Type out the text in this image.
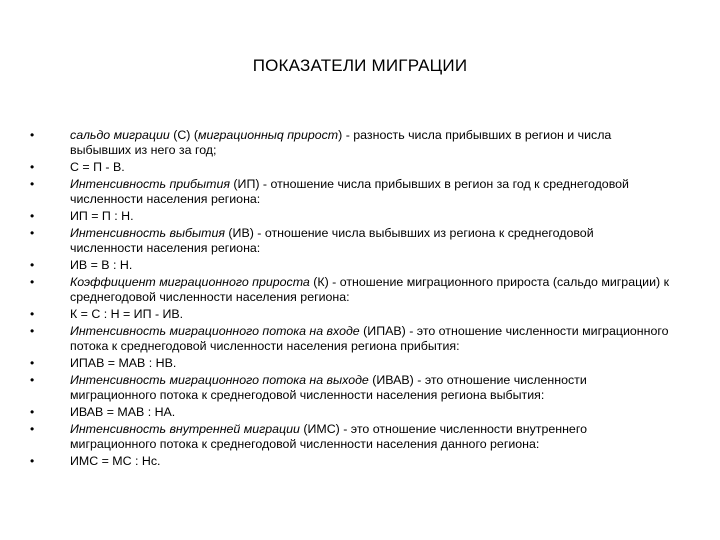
ПОКАЗАТЕЛИ МИГРАЦИИ
•	сальдо миграции (С) (миграционныq прирост) - разность числа прибывших в регион и числа выбывших из него за год;
•	С = П - В.
•	Интенсивность прибытия (ИП) - отношение числа прибывших в регион за год к среднегодовой численности населения региона:
•	ИП = П : Н.
•	Интенсивность выбытия (ИВ) - отношение числа выбывших из региона к среднегодовой численности населения региона:
•	ИВ = В : Н.
•	Коэффициент миграционного прироста (К) - отношение миграционного прироста (сальдо миграции) к среднегодовой численности населения региона:
•	К = С : Н = ИП - ИВ.
•	Интенсивность миграционного потока на входе (ИПАВ) - это отношение численности миграционного потока к среднегодовой численности населения региона прибытия:
•	ИПАВ = МАВ : НВ.
•	Интенсивность миграционного потока на выходе (ИВАВ) - это отношение численности миграционного потока к среднегодовой численности населения региона выбытия:
•	ИВАВ = МАВ : НА.
•	Интенсивность внутренней миграции (ИМС) - это отношение численности внутреннего миграционного потока к среднегодовой численности населения данного региона:
•	ИМС = МС : Нс.
